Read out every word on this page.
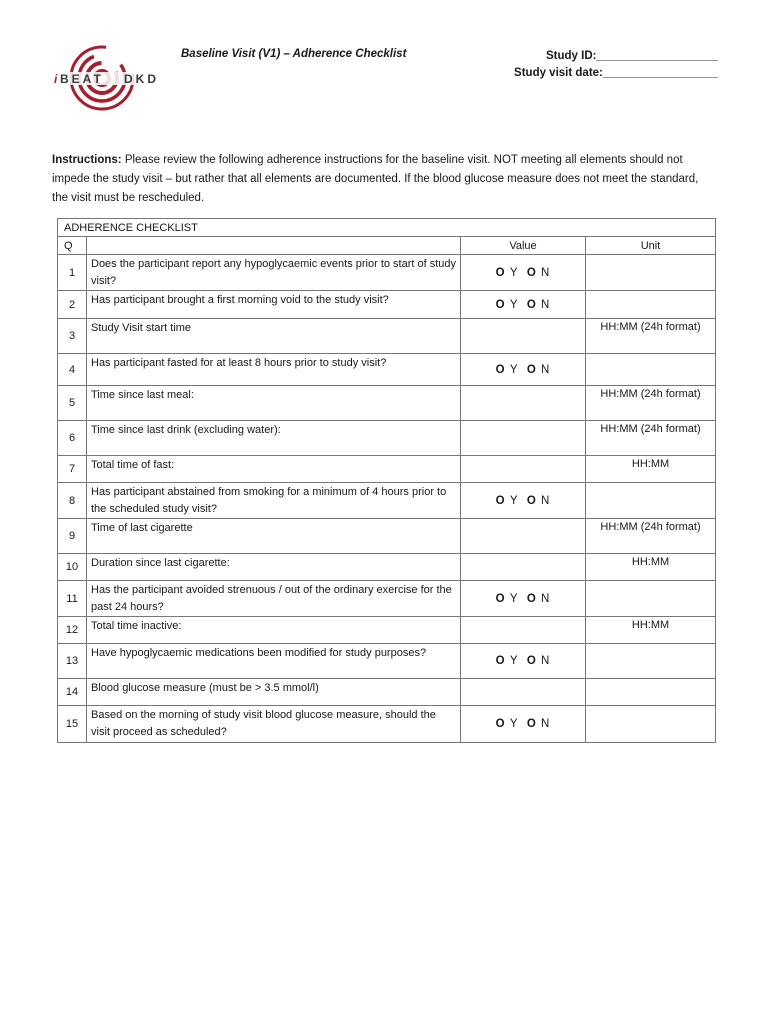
i BEAT DKD
Baseline Visit (V1) – Adherence Checklist	Study ID:___________________
Study visit date:__________________
Instructions: Please review the following adherence instructions for the baseline visit. NOT meeting all elements should not impede the study visit – but rather that all elements are documented. If the blood glucose measure does not meet the standard, the visit must be rescheduled.
ADHERENCE CHECKLIST			
Q		Value	Unit
1	Does the participant report any hypoglycaemic events prior to start of study visit?	O Y O N	
2	Has participant brought a first morning void to the study visit?	O Y O N	
3	Study Visit start time		HH:MM (24h format)
4	Has participant fasted for at least 8 hours prior to study visit?	O Y O N	
5	Time since last meal:		HH:MM (24h format)
6	Time since last drink (excluding water):		HH:MM (24h format)
7	Total time of fast:		HH:MM
8	Has participant abstained from smoking for a minimum of 4 hours prior to the scheduled study visit?	O Y O N	
9	Time of last cigarette		HH:MM (24h format)
10	Duration since last cigarette:		HH:MM
11	Has the participant avoided strenuous / out of the ordinary exercise for the past 24 hours?	O Y O N	
12	Total time inactive:		HH:MM
13	Have hypoglycaemic medications been modified for study purposes?	O Y O N	
14	Blood glucose measure (must be > 3.5 mmol/l)		
15	Based on the morning of study visit blood glucose measure, should the visit proceed as scheduled?	O Y O N	
